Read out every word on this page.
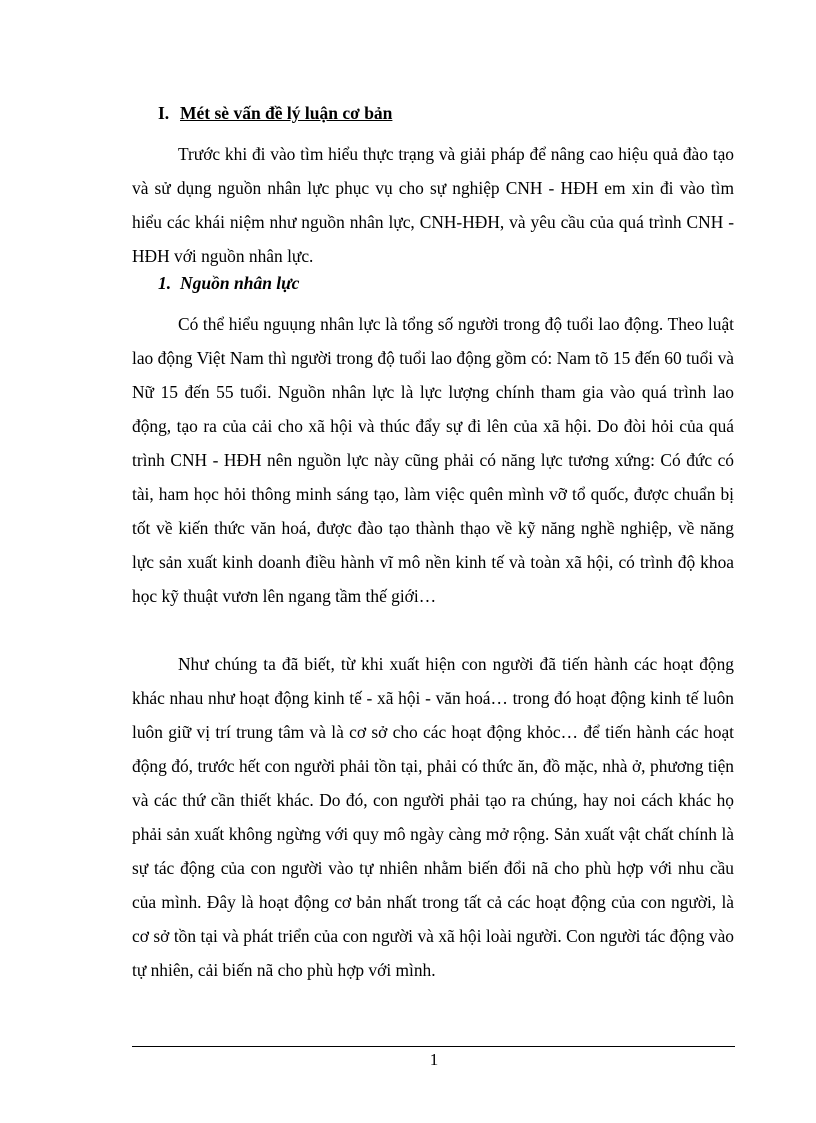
I. Mét sè vấn đề lý luận cơ bản

Trước khi đi vào tìm hiểu thực trạng và giải pháp để nâng cao hiệu quả đào tạo và sử dụng nguồn nhân lực phục vụ cho sự nghiệp CNH - HĐH em xin đi vào tìm hiểu các khái niệm như nguồn nhân lực, CNH-HĐH, và yêu cầu của quá trình CNH - HĐH với nguồn nhân lực.

1. Nguồn nhân lực

Có thể hiểu nguụng nhân lực là tổng số người trong độ tuổi lao động. Theo luật lao động Việt Nam thì người trong độ tuổi lao động gồm có: Nam tõ 15 đến 60 tuổi và Nữ 15 đến 55 tuổi. Nguồn nhân lực là lực lượng chính tham gia vào quá trình lao động, tạo ra của cải cho xã hội và thúc đẩy sự đi lên của xã hội. Do đòi hỏi của quá trình CNH - HĐH nên nguồn lực này cũng phải có năng lực tương xứng: Có đức có tài, ham học hỏi thông minh sáng tạo, làm việc quên mình vỡ tổ quốc, được chuẩn bị tốt về kiến thức văn hoá, được đào tạo thành thạo về kỹ năng nghề nghiệp, về năng lực sản xuất kinh doanh điều hành vĩ mô nền kinh tế và toàn xã hội, có trình độ khoa học kỹ thuật vươn lên ngang tầm thế giới…

Như chúng ta đã biết, từ khi xuất hiện con người đã tiến hành các hoạt động khác nhau như hoạt động kinh tế - xã hội - văn hoá… trong đó hoạt động kinh tế luôn luôn giữ vị trí trung tâm và là cơ sở cho các hoạt động khỏc… để tiến hành các hoạt động đó, trước hết con người phải tồn tại, phải có thức ăn, đồ mặc, nhà ở, phương tiện và các thứ cần thiết khác. Do đó, con người phải tạo ra chúng, hay noi cách khác họ phải sản xuất không ngừng với quy mô ngày càng mở rộng. Sản xuất vật chất chính là sự tác động của con người vào tự nhiên nhằm biến đổi nã cho phù hợp với nhu cầu của mình. Đây là hoạt động cơ bản nhất trong tất cả các hoạt động của con người, là cơ sở tồn tại và phát triển của con người và xã hội loài người. Con người tác động vào tự nhiên, cải biến nã cho phù hợp với mình.

1
